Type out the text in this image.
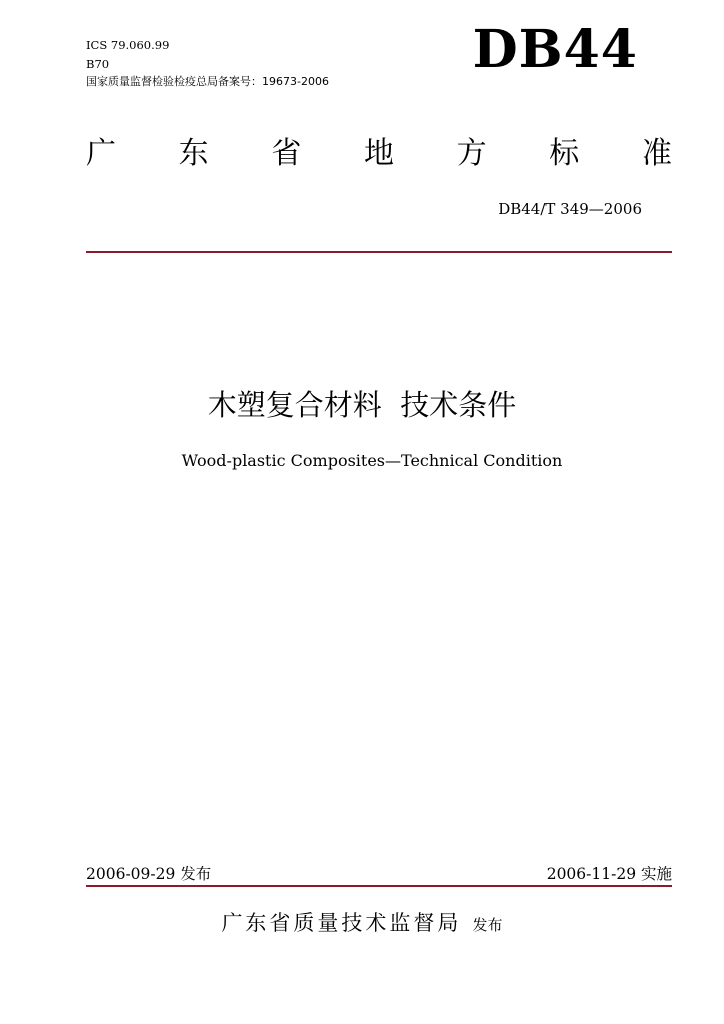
ICS 79.060.99
B70
国家质量监督检验检疫总局备案号：19673-2006
DB44
广 东 省 地 方 标 准
DB44/T 349—2006
木塑复合材料  技术条件
Wood-plastic Composites—Technical Condition
2006-09-29 发布	2006-11-29 实施
广东省质量技术监督局 发布
